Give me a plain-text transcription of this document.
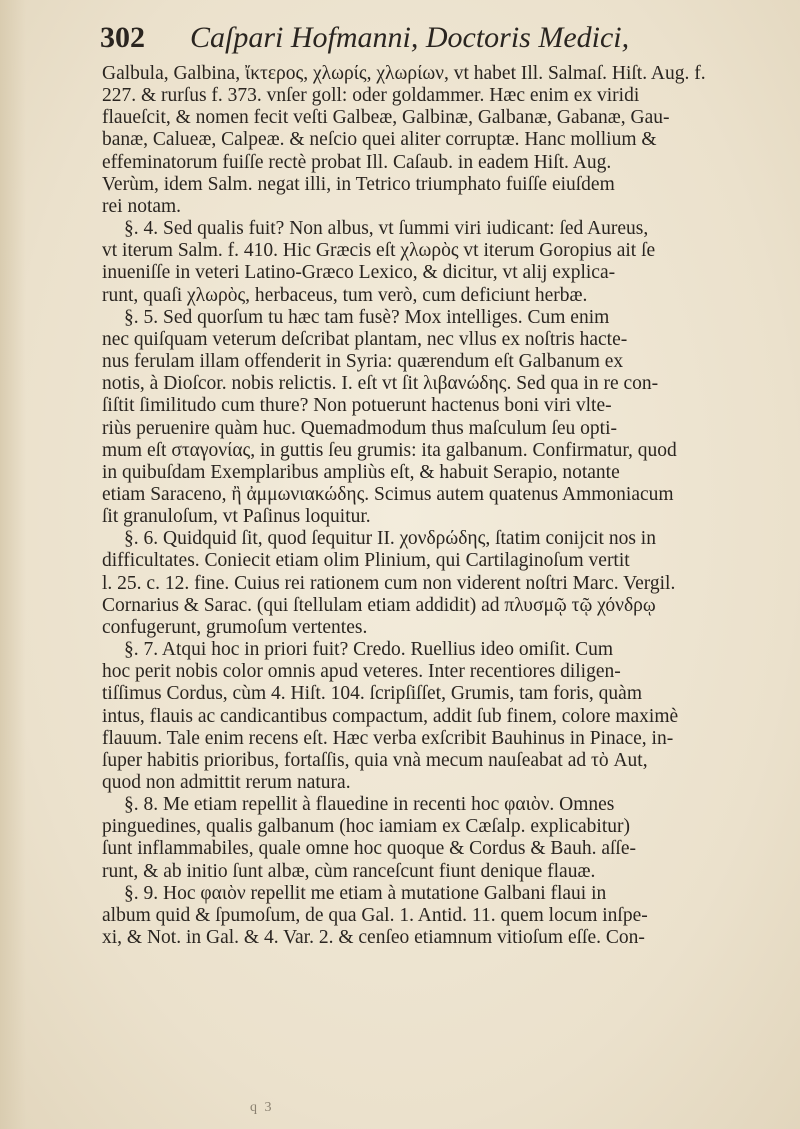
302 Caſpari Hofmanni, Doctoris Medici,
Galbula, Galbina, ἴκτερος, χλωρίς, χλωρίων, vt habet Ill. Salmaſ. Hiſt. Aug. f.
227. & rurſus f. 373. vnſer goll: oder goldammer. Hæc enim ex viridi
flaueſcit, & nomen fecit veſti Galbeæ, Galbinæ, Galbanæ, Gabanæ, Gau-
banæ, Calueæ, Calpeæ. & neſcio quei aliter corruptæ. Hanc mollium &
effeminatorum fuiſſe rectè probat Ill. Caſaub. in eadem Hiſt. Aug.
Verùm, idem Salm. negat illi, in Tetrico triumphato fuiſſe eiuſdem
rei notam.
§. 4. Sed qualis fuit? Non albus, vt ſummi viri iudicant: ſed Aureus,
vt iterum Salm. f. 410. Hic Græcis eſt χλωρὸς vt iterum Goropius ait ſe
inueniſſe in veteri Latino-Græco Lexico, & dicitur, vt alij explica-
runt, quaſi χλωρὸς, herbaceus, tum verò, cum deficiunt herbæ.
§. 5. Sed quorſum tu hæc tam fusè? Mox intelliges. Cum enim
nec quiſquam veterum deſcribat plantam, nec vllus ex noſtris hacte-
nus ferulam illam offenderit in Syria: quærendum eſt Galbanum ex
notis, à Dioſcor. nobis relictis. I. eſt vt ſit λιβανώδης. Sed qua in re con-
ſiſtit ſimilitudo cum thure? Non potuerunt hactenus boni viri vlte-
riùs peruenire quàm huc. Quemadmodum thus maſculum ſeu opti-
mum eſt σταγονίας, in guttis ſeu grumis: ita galbanum. Confirmatur, quod
in quibuſdam Exemplaribus ampliùs eſt, & habuit Serapio, notante
etiam Saraceno, ἢ ἀμμωνιακώδης. Scimus autem quatenus Ammoniacum
ſit granuloſum, vt Paſinus loquitur.
§. 6. Quidquid ſit, quod ſequitur II. χονδρώδης, ſtatim conijcit nos in
difficultates. Coniecit etiam olim Plinium, qui Cartilaginoſum vertit
l. 25. c. 12. fine. Cuius rei rationem cum non viderent noſtri Marc. Vergil.
Cornarius & Sarac. (qui ſtellulam etiam addidit) ad πλυσμῷ τῷ χόνδρῳ
confugerunt, grumoſum vertentes.
§. 7. Atqui hoc in priori fuit? Credo. Ruellius ideo omiſit. Cum
hoc perit nobis color omnis apud veteres. Inter recentiores diligen-
tiſſimus Cordus, cùm 4. Hiſt. 104. ſcripſiſſet, Grumis, tam foris, quàm
intus, flauis ac candicantibus compactum, addit ſub finem, colore maximè
flauum. Tale enim recens eſt. Hæc verba exſcribit Bauhinus in Pinace, in-
ſuper habitis prioribus, fortaſſis, quia vnà mecum nauſeabat ad τὸ Aut,
quod non admittit rerum natura.
§. 8. Me etiam repellit à flauedine in recenti hoc φαιὸν. Omnes
pinguedines, qualis galbanum (hoc iamiam ex Cæſalp. explicabitur)
ſunt inflammabiles, quale omne hoc quoque & Cordus & Bauh. aſſe-
runt, & ab initio ſunt albæ, cùm ranceſcunt fiunt denique flauæ.
§. 9. Hoc φαιὸν repellit me etiam à mutatione Galbani flaui in
album quid & ſpumoſum, de qua Gal. 1. Antid. 11. quem locum inſpe-
xi, & Not. in Gal. & 4. Var. 2. & cenſeo etiamnum vitioſum eſſe. Con-
q 3
